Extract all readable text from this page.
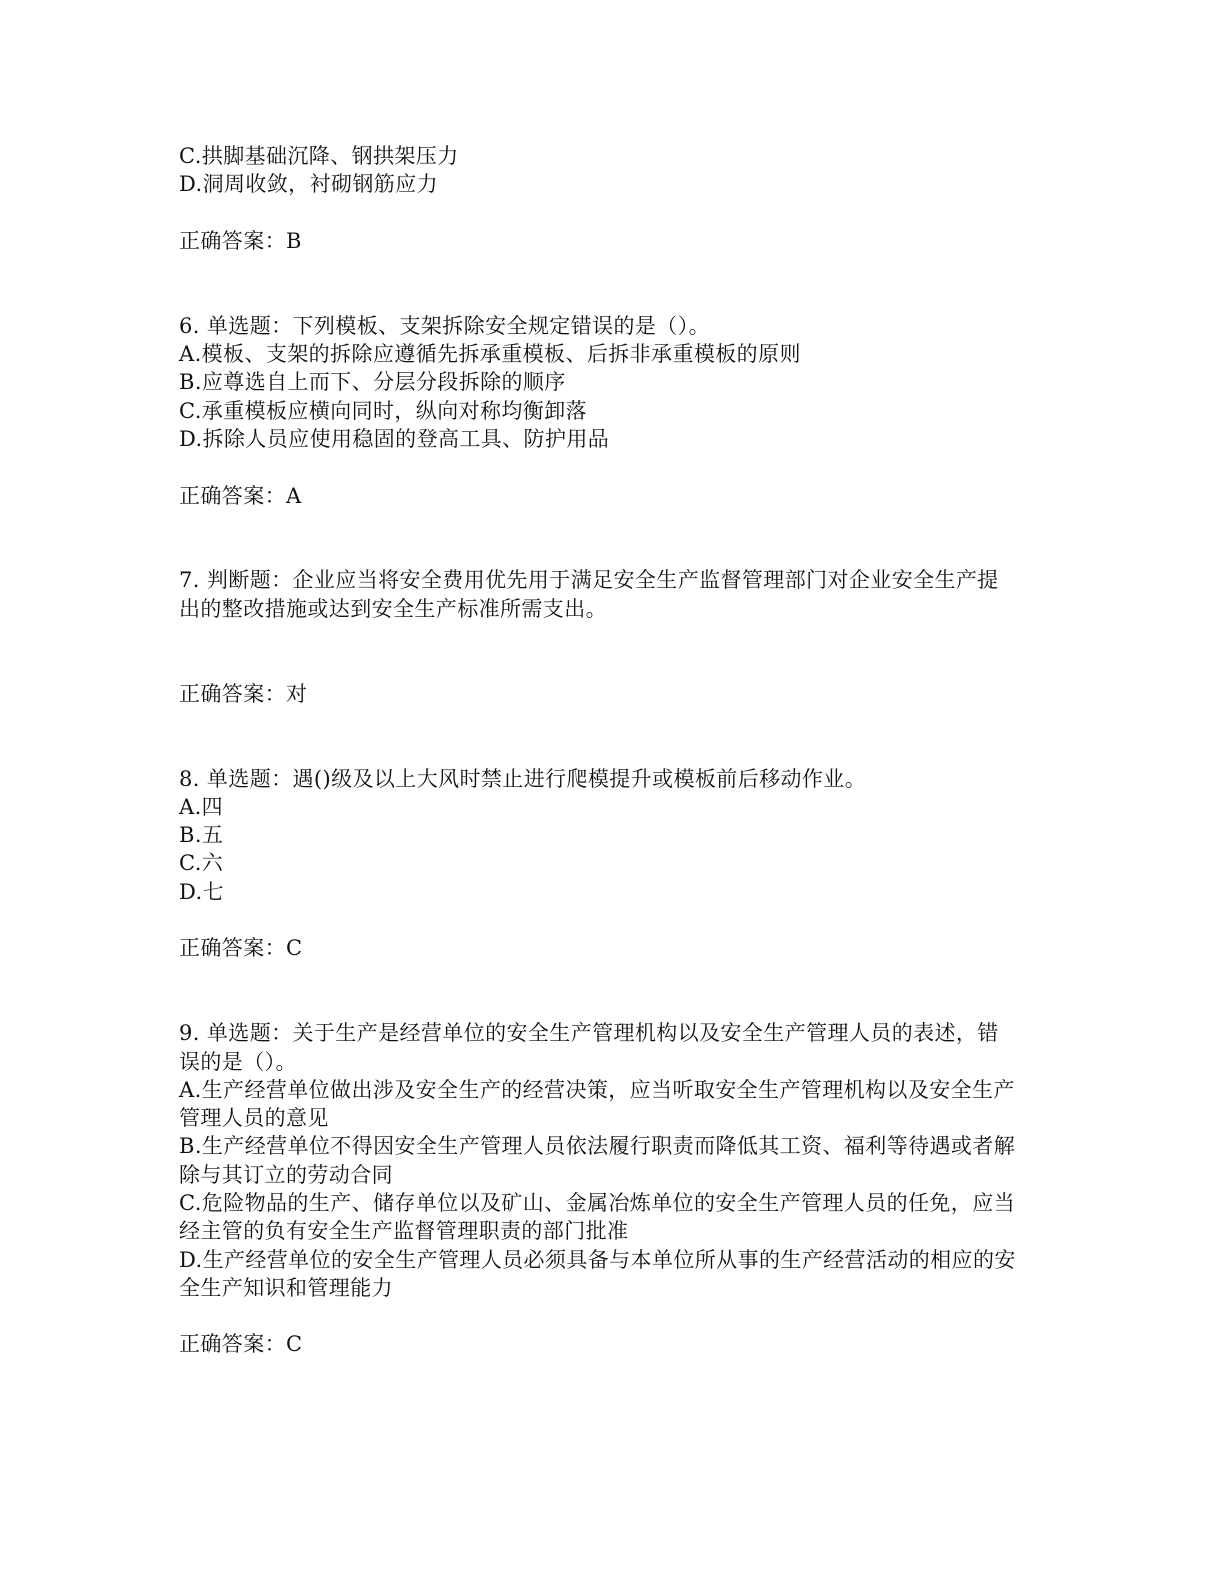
C.拱脚基础沉降、钢拱架压力
D.洞周收敛，衬砌钢筋应力
正确答案：B
6. 单选题：下列模板、支架拆除安全规定错误的是（）。
A.模板、支架的拆除应遵循先拆承重模板、后拆非承重模板的原则
B.应尊选自上而下、分层分段拆除的顺序
C.承重模板应横向同时，纵向对称均衡卸落
D.拆除人员应使用稳固的登高工具、防护用品
正确答案：A
7. 判断题：企业应当将安全费用优先用于满足安全生产监督管理部门对企业安全生产提
出的整改措施或达到安全生产标准所需支出。
正确答案：对
8. 单选题：遇()级及以上大风时禁止进行爬模提升或模板前后移动作业。
A.四
B.五
C.六
D.七
正确答案：C
9. 单选题：关于生产是经营单位的安全生产管理机构以及安全生产管理人员的表述，错
误的是（）。
A.生产经营单位做出涉及安全生产的经营决策，应当听取安全生产管理机构以及安全生产
管理人员的意见
B.生产经营单位不得因安全生产管理人员依法履行职责而降低其工资、福利等待遇或者解
除与其订立的劳动合同
C.危险物品的生产、储存单位以及矿山、金属冶炼单位的安全生产管理人员的任免，应当
经主管的负有安全生产监督管理职责的部门批准
D.生产经营单位的安全生产管理人员必须具备与本单位所从事的生产经营活动的相应的安
全生产知识和管理能力
正确答案：C
